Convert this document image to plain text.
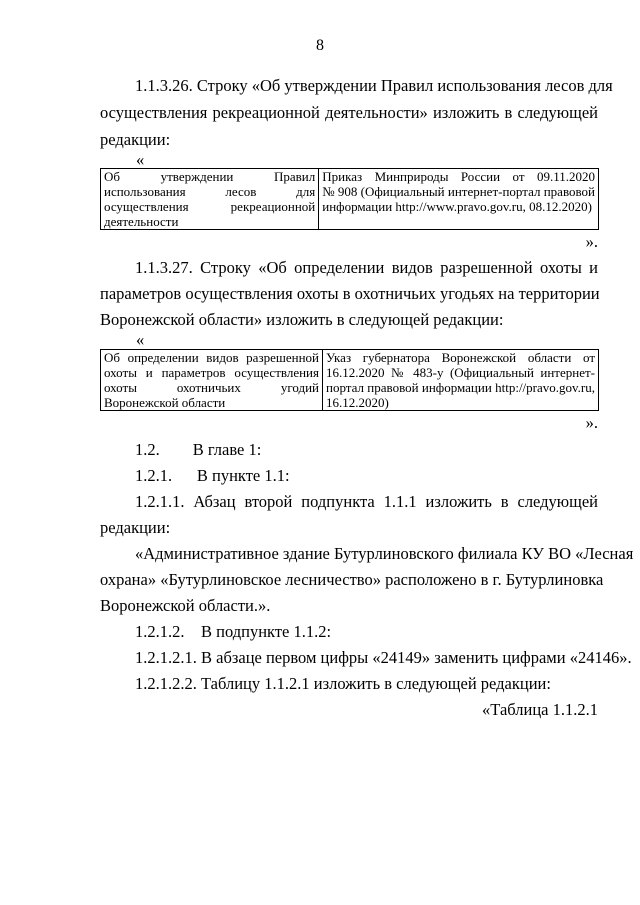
8
1.1.3.26. Строку «Об утверждении Правил использования лесов для
осуществления рекреационной деятельности» изложить в следующей
редакции:
«
Об утверждении Правил
использования лесов для
осуществления рекреационной
деятельности

Приказ Минприроды России от 09.11.2020
№ 908 (Официальный интернет-портал правовой
информации http://www.pravo.gov.ru, 08.12.2020)
».
1.1.3.27. Строку «Об определении видов разрешенной охоты и
параметров осуществления охоты в охотничьих угодьях на территории
Воронежской области» изложить в следующей редакции:
«
Об определении видов разрешенной
охоты и параметров осуществления
охоты охотничьих угодий
Воронежской области

Указ губернатора Воронежской области от
16.12.2020 № 483-у (Официальный интернет-
портал правовой информации http://pravo.gov.ru,
16.12.2020)
».
1.2.        В главе 1:
1.2.1.      В пункте 1.1:
1.2.1.1. Абзац второй подпункта 1.1.1 изложить в следующей
редакции:
«Административное здание Бутурлиновского филиала КУ ВО «Лесная
охрана» «Бутурлиновское лесничество» расположено в г. Бутурлиновка
Воронежской области.».
1.2.1.2.    В подпункте 1.1.2:
1.2.1.2.1. В абзаце первом цифры «24149» заменить цифрами «24146».
1.2.1.2.2. Таблицу 1.1.2.1 изложить в следующей редакции:
«Таблица 1.1.2.1
